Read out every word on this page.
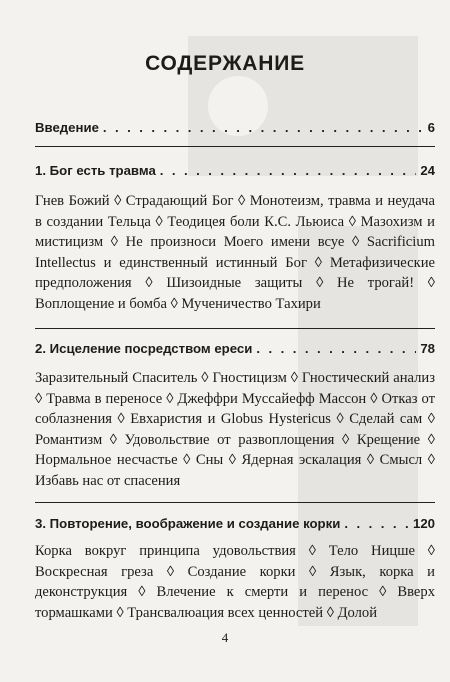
СОДЕРЖАНИЕ
Введение . . .	6
1. Бог есть травма . . .	24
Гнев Божий ◊ Страдающий Бог ◊ Монотеизм, травма и неудача в создании Тельца ◊ Теодицея боли К.С. Льюиса ◊ Мазохизм и мистицизм ◊ Не произноси Моего имени всуе ◊ Sacrificium Intellectus и единственный истинный Бог ◊ Метафизические предположения ◊ Шизоидные защиты ◊ Не трогай! ◊ Воплощение и бомба ◊ Мученичество Тахири
2. Исцеление посредством ереси . . .	78
Заразительный Спаситель ◊ Гностицизм ◊ Гностический анализ ◊ Травма в переносе ◊ Джеффри Муссайефф Массон ◊ Отказ от соблазнения ◊ Евхаристия и Globus Hystericus ◊ Сделай сам ◊ Романтизм ◊ Удовольствие от развоплощения ◊ Крещение ◊ Нормальное несчастье ◊ Сны ◊ Ядерная эскалация ◊ Смысл ◊ Избавь нас от спасения
3. Повторение, воображение и создание корки . . .	120
Корка вокруг принципа удовольствия ◊ Тело Ницше ◊ Воскресная греза ◊ Создание корки ◊ Язык, корка и деконструкция ◊ Влечение к смерти и перенос ◊ Вверх тормашками ◊ Трансвалюация всех ценностей ◊ Долой
4
